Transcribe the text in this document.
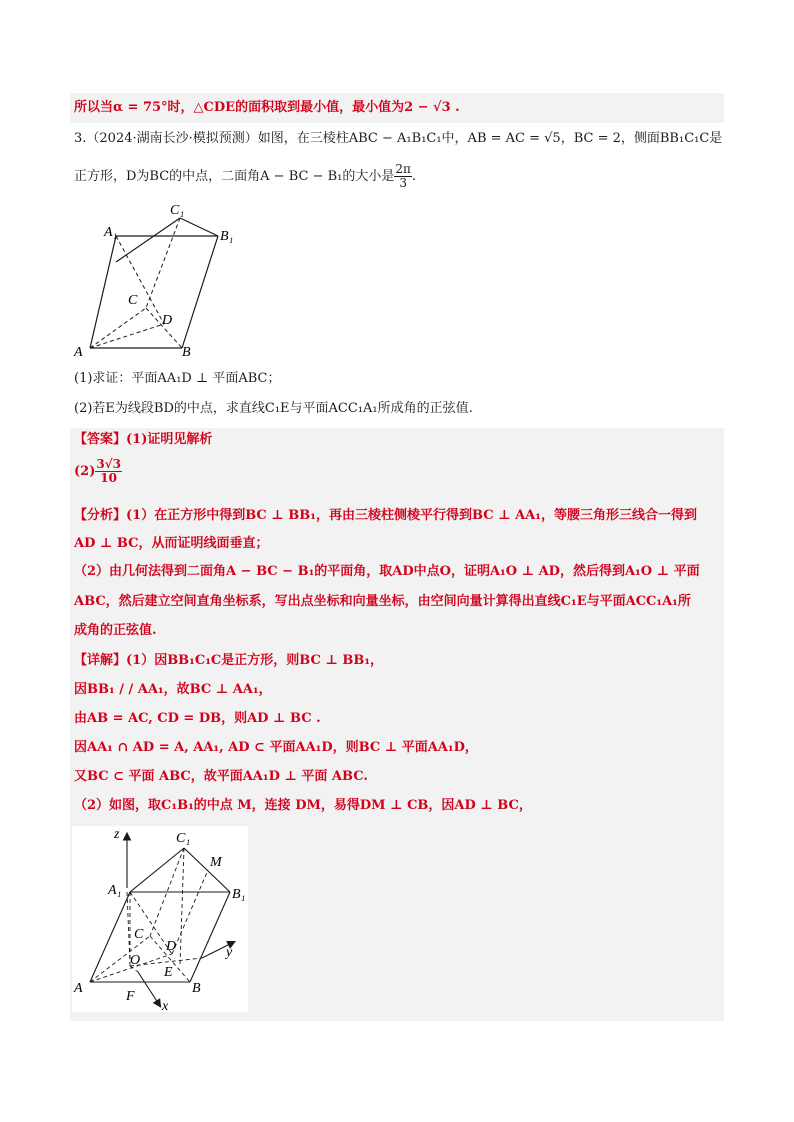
所以当α = 75°时，△CDE的面积取到最小值，最小值为2 − √3 .
3.（2024·湖南长沙·模拟预测）如图，在三棱柱ABC − A₁B₁C₁中，AB = AC = √5，BC = 2，侧面BB₁C₁C是
正方形，D为BC的中点，二面角A − BC − B₁的大小是 $\frac{2\pi}{3}$ .
C₁
A₁	B₁
C
D
A	B
(1)求证：平面AA₁D ⊥ 平面ABC；
(2)若E为线段BD的中点，求直线C₁E与平面ACC₁A₁所成角的正弦值.
【答案】(1)证明见解析
$(2) \frac{3√3}{10}$
【分析】(1）在正方形中得到BC ⊥ BB₁，再由三棱柱侧棱平行得到BC ⊥ AA₁，等腰三角形三线合一得到
AD ⊥ BC，从而证明线面垂直；
（2）由几何法得到二面角A − BC − B₁的平面角，取AD中点O，证明A₁O ⊥ AD，然后得到A₁O ⊥ 平面
ABC，然后建立空间直角坐标系，写出点坐标和向量坐标，由空间向量计算得出直线C₁E与平面ACC₁A₁所
成角的正弦值.
【详解】(1）因BB₁C₁C是正方形，则BC ⊥ BB₁，
因BB₁ / / AA₁，故BC ⊥ AA₁，
由AB = AC, CD = DB，则AD ⊥ BC .
因AA₁ ∩ AD = A, AA₁, AD ⊂ 平面AA₁D，则BC ⊥ 平面AA₁D，
又BC ⊂ 平面 ABC，故平面AA₁D ⊥ 平面 ABC.
（2）如图，取C₁B₁的中点 M，连接 DM，易得DM ⊥ CB，因AD ⊥ BC，
z	C₁
M
A₁	B₁
C
D
O
E
y
A
F
B
x
